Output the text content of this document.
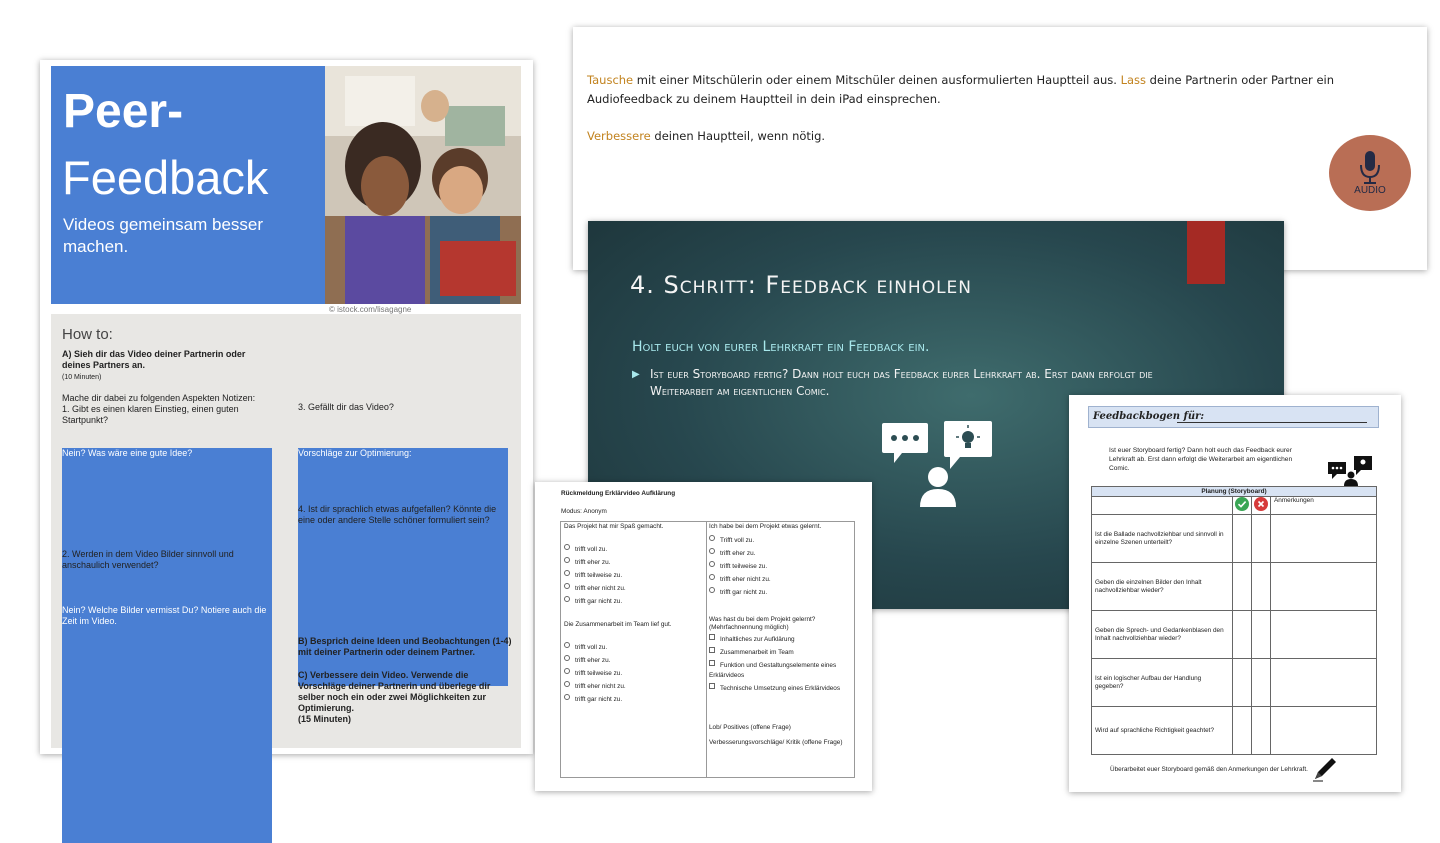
Peer-
Feedback
Videos gemeinsam besser machen.
© istock.com/lisagagne
How to:
A) Sieh dir das Video deiner Partnerin oder deines Partners an.
(10 Minuten)
Mache dir dabei zu folgenden Aspekten Notizen:
1. Gibt es einen klaren Einstieg, einen guten Startpunkt?
Nein? Was wäre eine gute Idee?
2. Werden in dem Video Bilder sinnvoll und anschaulich verwendet?
Nein? Welche Bilder vermisst Du? Notiere auch die Zeit im Video.
3. Gefällt dir das Video?
Vorschläge zur Optimierung:
4. Ist dir sprachlich etwas aufgefallen? Könnte die eine oder andere Stelle schöner formuliert sein?
B) Besprich deine Ideen und Beobachtungen (1-4) mit deiner Partnerin oder deinem Partner.
C) Verbessere dein Video. Verwende die Vorschläge deiner Partnerin und überlege dir selber noch ein oder zwei Möglichkeiten zur Optimierung.
(15 Minuten)
Tausche mit einer Mitschülerin oder einem Mitschüler deinen ausformulierten Hauptteil aus. Lass deine Partnerin oder Partner ein Audiofeedback zu deinem Hauptteil in dein iPad einsprechen.
Verbessere deinen Hauptteil, wenn nötig.
AUDIO
4. Schritt: Feedback einholen
Holt euch von eurer Lehrkraft ein Feedback ein.
▶ Ist euer Storyboard fertig? Dann holt euch das Feedback eurer Lehrkraft ab. Erst dann erfolgt die Weiterarbeit am eigentlichen Comic.
Rückmeldung Erklärvideo Aufklärung
Modus: Anonym
Das Projekt hat mir Spaß gemacht.
trifft voll zu.
trifft eher zu.
trifft teilweise zu.
trifft eher nicht zu.
trifft gar nicht zu.
Die Zusammenarbeit im Team lief gut.
trifft voll zu.
trifft eher zu.
trifft teilweise zu.
trifft eher nicht zu.
trifft gar nicht zu.
Ich habe bei dem Projekt etwas gelernt.
Trifft voll zu.
trifft eher zu.
trifft teilweise zu.
trifft eher nicht zu.
trifft gar nicht zu.
Was hast du bei dem Projekt gelernt? (Mehrfachnennung möglich)
Inhaltliches zur Aufklärung
Zusammenarbeit im Team
Funktion und Gestaltungselemente eines Erklärvideos
Technische Umsetzung eines Erklärvideos
Lob/ Positives (offene Frage)
Verbesserungsvorschläge/ Kritik (offene Frage)
Feedbackbogen für:
Ist euer Storyboard fertig? Dann holt euch das Feedback eurer Lehrkraft ab. Erst dann erfolgt die Weiterarbeit am eigentlichen Comic.
Planung (Storyboard)			
			Anmerkungen
Ist die Ballade nachvollziehbar und sinnvoll in einzelne Szenen unterteilt?			
Geben die einzelnen Bilder den Inhalt nachvollziehbar wieder?			
Geben die Sprech- und Gedankenblasen den Inhalt nachvollziehbar wieder?			
Ist ein logischer Aufbau der Handlung gegeben?			
Wird auf sprachliche Richtigkeit geachtet?			
Überarbeitet euer Storyboard gemäß den Anmerkungen der Lehrkraft.
